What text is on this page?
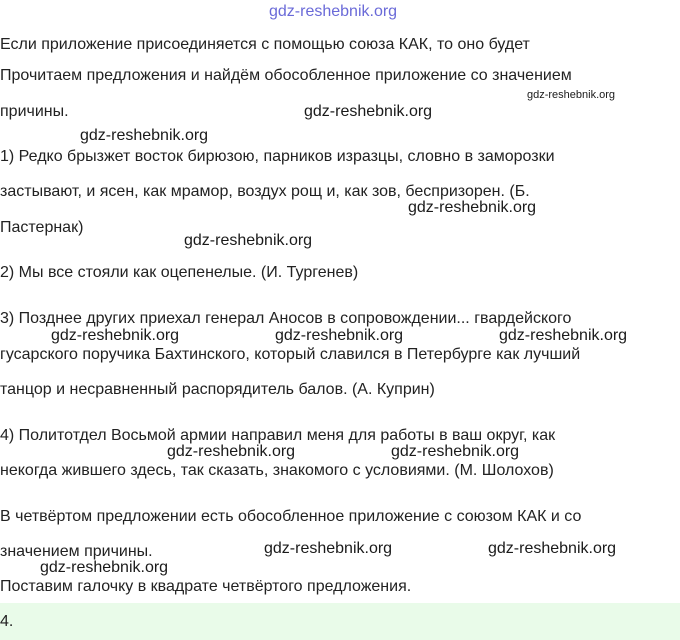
gdz-reshebnik.org
Если приложение присоединяется с помощью союза КАК, то оно будет
Прочитаем предложения и найдём обособленное приложение со значением
причины.
1) Редко брызжет восток бирюзою, парников изразцы, словно в заморозки
застывают, и ясен, как мрамор, воздух рощ и, как зов, беспризорен. (Б.
Пастернак)
2) Мы все стояли как оцепенелые. (И. Тургенев)
3) Позднее других приехал генерал Аносов в сопровождении... гвардейского
гусарского поручика Бахтинского, который славился в Петербурге как лучший
танцор и несравненный распорядитель балов. (А. Куприн)
4) Политотдел Восьмой армии направил меня для работы в ваш округ, как
некогда жившего здесь, так сказать, знакомого с условиями. (М. Шолохов)
В четвёртом предложении есть обособленное приложение с союзом КАК и со
значением причины.
Поставим галочку в квадрате четвёртого предложения.
gdz-reshebnik.org
gdz-reshebnik.org
gdz-reshebnik.org
gdz-reshebnik.org
gdz-reshebnik.org
gdz-reshebnik.org	gdz-reshebnik.org	gdz-reshebnik.org
gdz-reshebnik.org	gdz-reshebnik.org
gdz-reshebnik.org	gdz-reshebnik.org
gdz-reshebnik.org
4.
